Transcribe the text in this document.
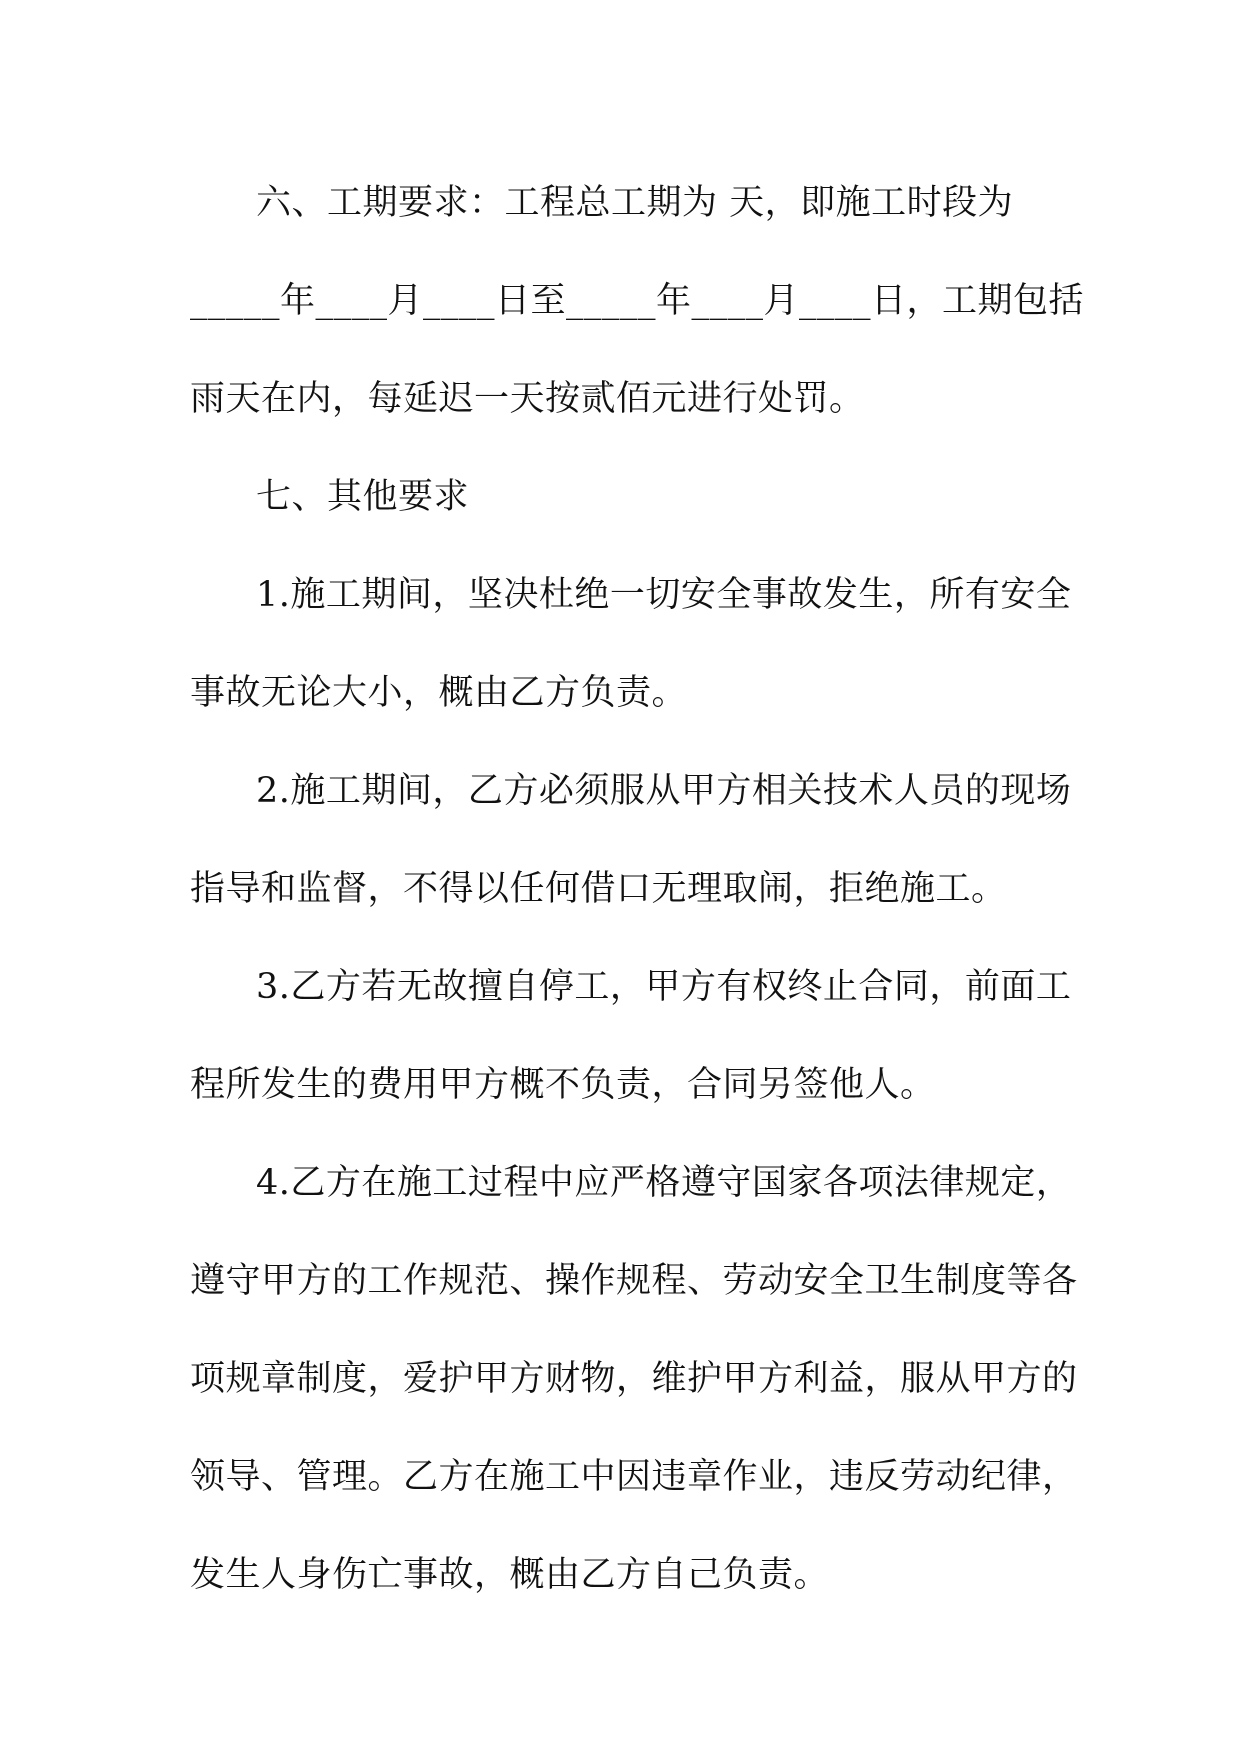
六、工期要求：工程总工期为 天，即施工时段为
_____年____月____日至_____年____月____日，工期包括
雨天在内，每延迟一天按贰佰元进行处罚。
七、其他要求
1.施工期间，坚决杜绝一切安全事故发生，所有安全
事故无论大小，概由乙方负责。
2.施工期间，乙方必须服从甲方相关技术人员的现场
指导和监督，不得以任何借口无理取闹，拒绝施工。
3.乙方若无故擅自停工，甲方有权终止合同，前面工
程所发生的费用甲方概不负责，合同另签他人。
4.乙方在施工过程中应严格遵守国家各项法律规定，
遵守甲方的工作规范、操作规程、劳动安全卫生制度等各
项规章制度，爱护甲方财物，维护甲方利益，服从甲方的
领导、管理。乙方在施工中因违章作业，违反劳动纪律，
发生人身伤亡事故，概由乙方自己负责。
